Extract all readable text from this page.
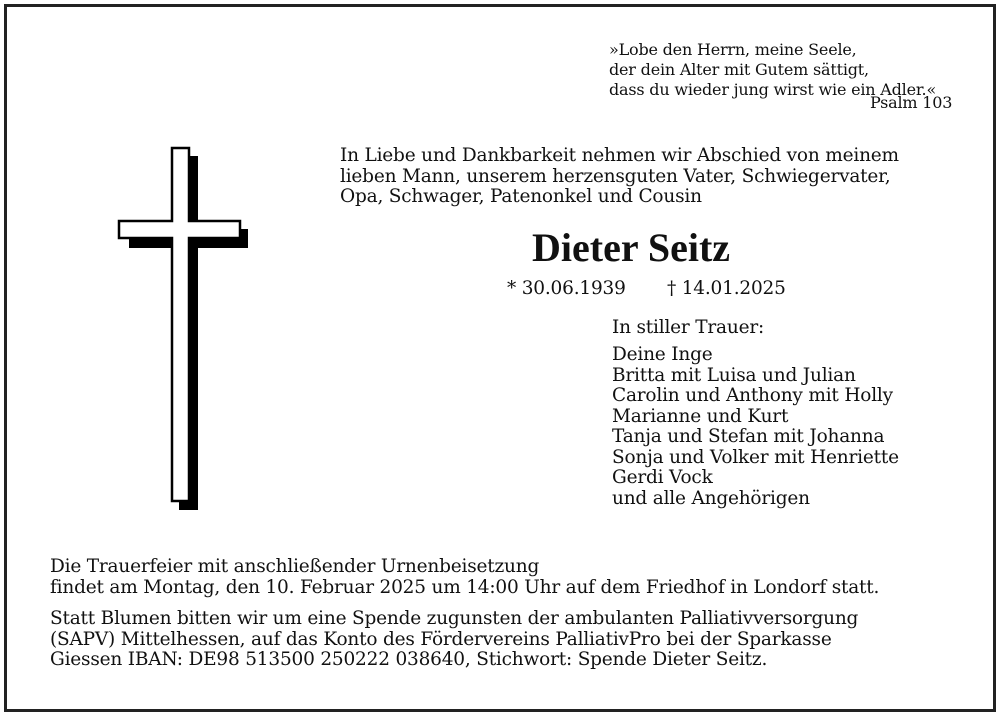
»Lobe den Herrn, meine Seele,
der dein Alter mit Gutem sättigt,
dass du wieder jung wirst wie ein Adler.«
Psalm 103
In Liebe und Dankbarkeit nehmen wir Abschied von meinem
lieben Mann, unserem herzensguten Vater, Schwiegervater,
Opa, Schwager, Patenonkel und Cousin
Dieter Seitz
* 30.06.1939 † 14.01.2025
In stiller Trauer:
Deine Inge
Britta mit Luisa und Julian
Carolin und Anthony mit Holly
Marianne und Kurt
Tanja und Stefan mit Johanna
Sonja und Volker mit Henriette
Gerdi Vock
und alle Angehörigen
Die Trauerfeier mit anschließender Urnenbeisetzung
findet am Montag, den 10. Februar 2025 um 14:00 Uhr auf dem Friedhof in Londorf statt.
Statt Blumen bitten wir um eine Spende zugunsten der ambulanten Palliativversorgung
(SAPV) Mittelhessen, auf das Konto des Fördervereins PalliativPro bei der Sparkasse
Giessen IBAN: DE98 513500 250222 038640, Stichwort: Spende Dieter Seitz.
